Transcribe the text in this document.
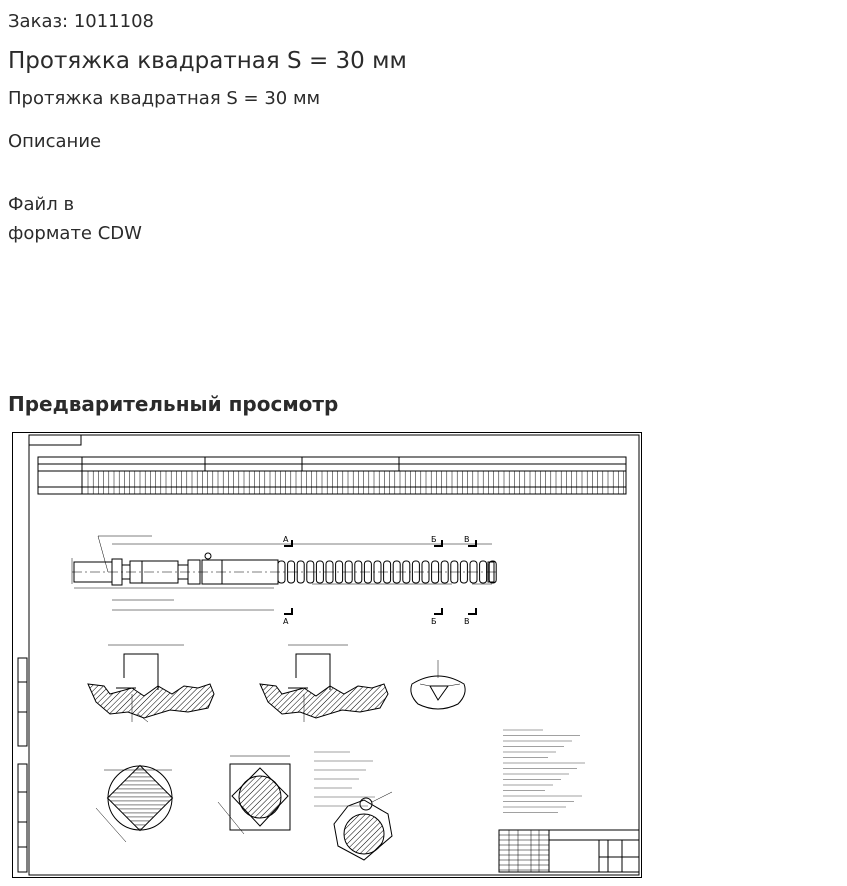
Заказ: 1011108
Протяжка квадратная S = 30 мм
Протяжка квадратная S = 30 мм
Описание
Файл в
формате CDW
Предварительный просмотр
А
А
Б
Б
В
В
